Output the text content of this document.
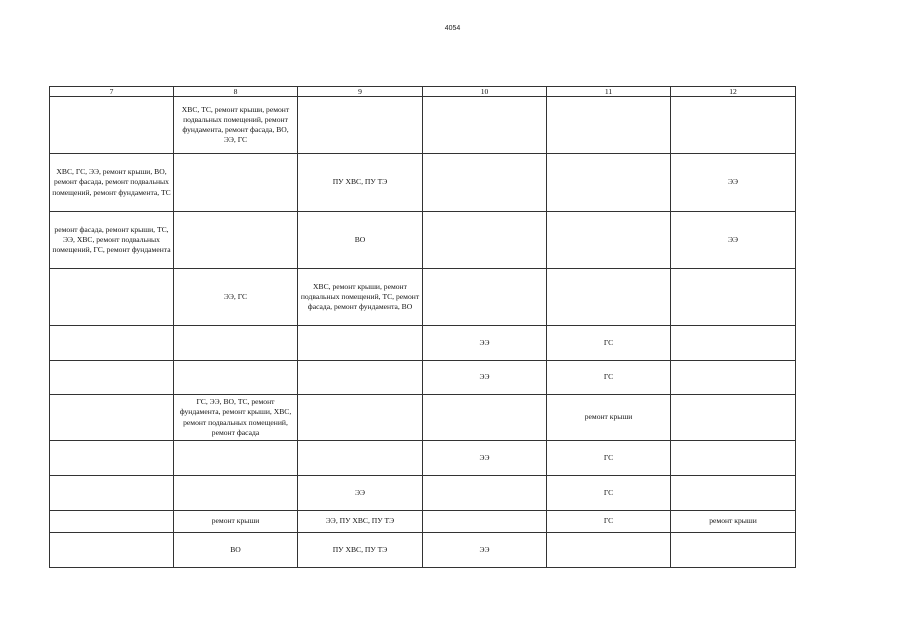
4054
7	8	9	10	11	12
	ХВС, ТС, ремонт крыши, ремонт подвальных помещений, ремонт фундамента, ремонт фасада, ВО, ЭЭ, ГС				
ХВС, ГС, ЭЭ, ремонт крыши, ВО, ремонт фасада, ремонт подвальных помещений, ремонт фундамента, ТС		ПУ ХВС, ПУ ТЭ			ЭЭ
ремонт фасада, ремонт крыши, ТС, ЭЭ, ХВС, ремонт подвальных помещений, ГС, ремонт фундамента		ВО			ЭЭ
	ЭЭ, ГС	ХВС, ремонт крыши, ремонт подвальных помещений, ТС, ремонт фасада, ремонт фундамента, ВО			
			ЭЭ	ГС	
			ЭЭ	ГС	
	ГС, ЭЭ, ВО, ТС, ремонт фундамента, ремонт крыши, ХВС, ремонт подвальных помещений, ремонт фасада			ремонт крыши	
			ЭЭ	ГС	
		ЭЭ		ГС	
	ремонт крыши	ЭЭ, ПУ ХВС, ПУ ТЭ		ГС	ремонт крыши
	ВО	ПУ ХВС, ПУ ТЭ	ЭЭ		
